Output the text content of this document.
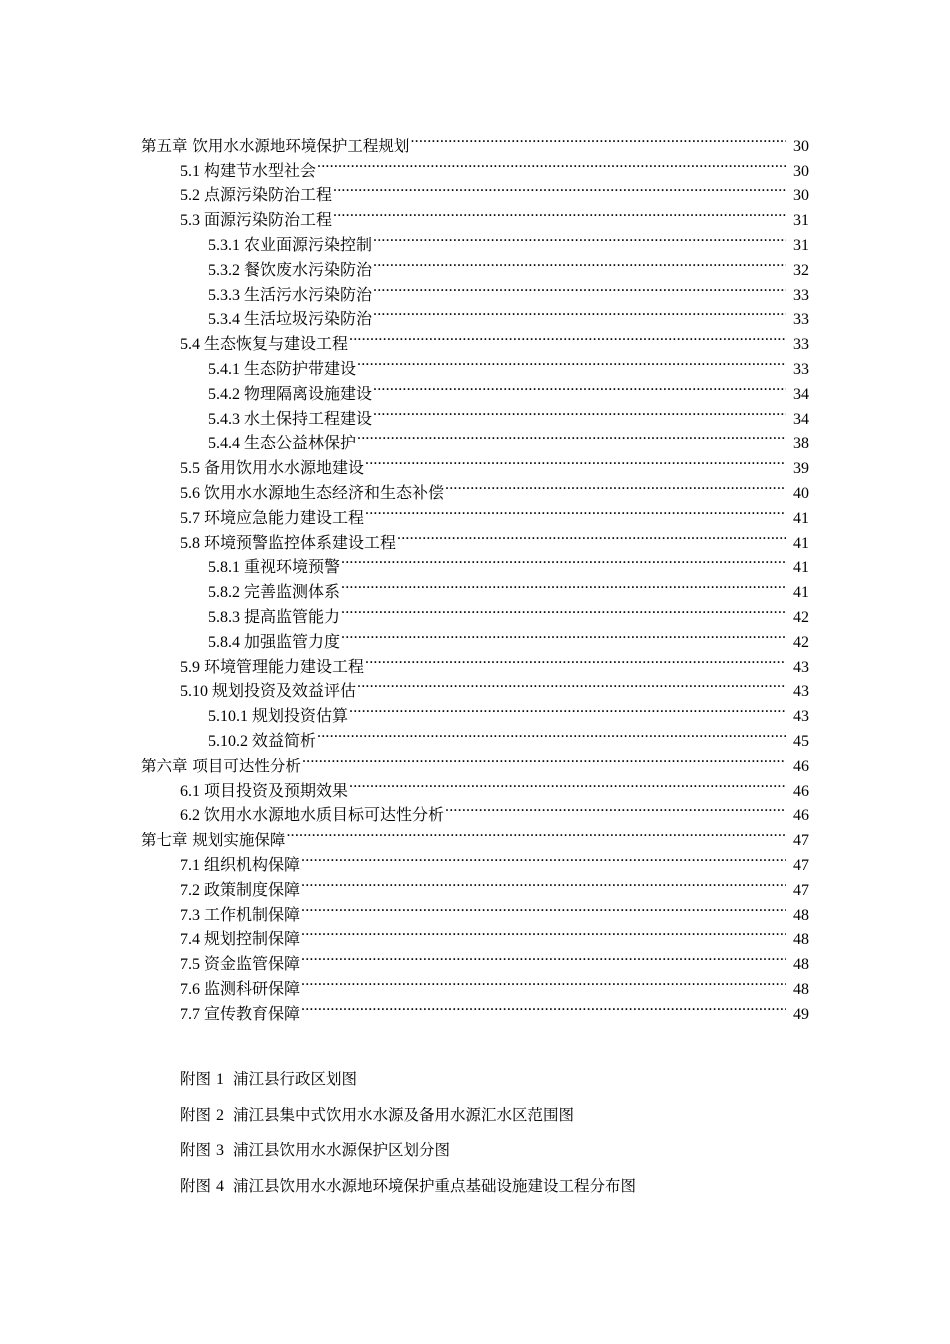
第五章 饮用水水源地环境保护工程规划 .....	30
5.1 构建节水型社会 .....	30
5.2 点源污染防治工程 .....	30
5.3 面源污染防治工程 .....	31
5.3.1 农业面源污染控制 .....	31
5.3.2 餐饮废水污染防治 .....	32
5.3.3 生活污水污染防治 .....	33
5.3.4 生活垃圾污染防治 .....	33
5.4 生态恢复与建设工程 .....	33
5.4.1 生态防护带建设 .....	33
5.4.2 物理隔离设施建设 .....	34
5.4.3 水土保持工程建设 .....	34
5.4.4 生态公益林保护 .....	38
5.5 备用饮用水水源地建设 .....	39
5.6 饮用水水源地生态经济和生态补偿 .....	40
5.7 环境应急能力建设工程 .....	41
5.8 环境预警监控体系建设工程 .....	41
5.8.1 重视环境预警 .....	41
5.8.2 完善监测体系 .....	41
5.8.3 提高监管能力 .....	42
5.8.4 加强监管力度 .....	42
5.9 环境管理能力建设工程 .....	43
5.10 规划投资及效益评估 .....	43
5.10.1 规划投资估算 .....	43
5.10.2 效益简析 .....	45
第六章 项目可达性分析 .....	46
6.1 项目投资及预期效果 .....	46
6.2 饮用水水源地水质目标可达性分析 .....	46
第七章 规划实施保障 .....	47
7.1 组织机构保障 .....	47
7.2 政策制度保障 .....	47
7.3 工作机制保障 .....	48
7.4 规划控制保障 .....	48
7.5 资金监管保障 .....	48
7.6 监测科研保障 .....	48
7.7 宣传教育保障 .....	49
附图 1 浦江县行政区划图
附图 2 浦江县集中式饮用水水源及备用水源汇水区范围图
附图 3 浦江县饮用水水源保护区划分图
附图 4 浦江县饮用水水源地环境保护重点基础设施建设工程分布图
